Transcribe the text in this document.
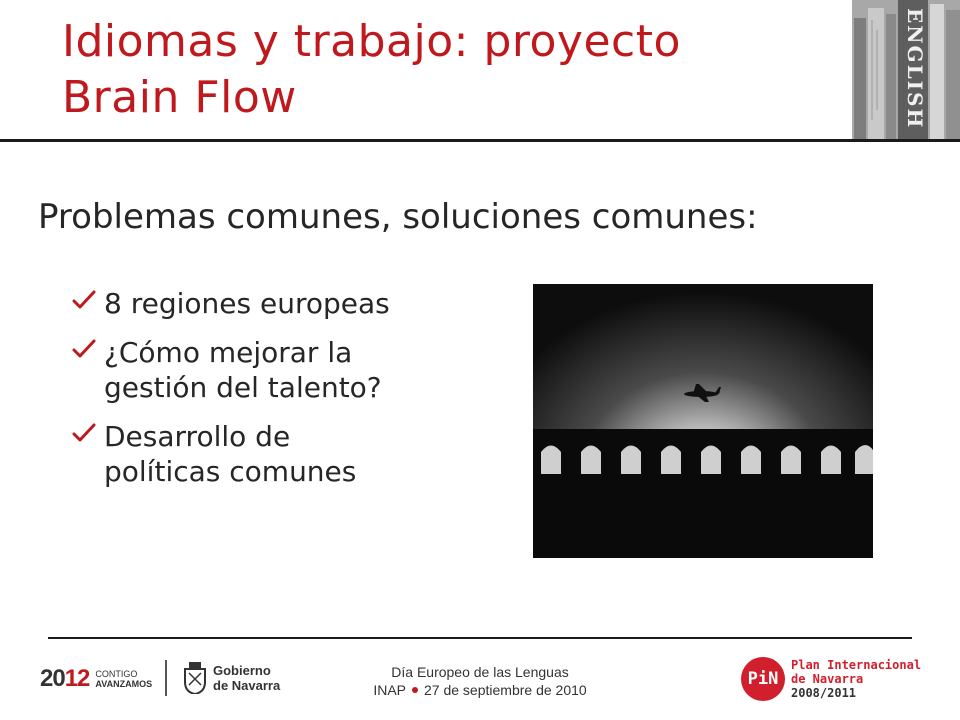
Idiomas y trabajo: proyecto
Brain Flow	ENGLISH
Problemas comunes, soluciones comunes:
8 regiones europeas
¿Cómo mejorar la
gestión del talento?
Desarrollo de
políticas comunes
2012 CONTIGO
AVANZAMOS
Gobierno
de Navarra
Día Europeo de las Lenguas
INAP 27 de septiembre de 2010
PiN
Plan Internacional
de Navarra
2008/2011
